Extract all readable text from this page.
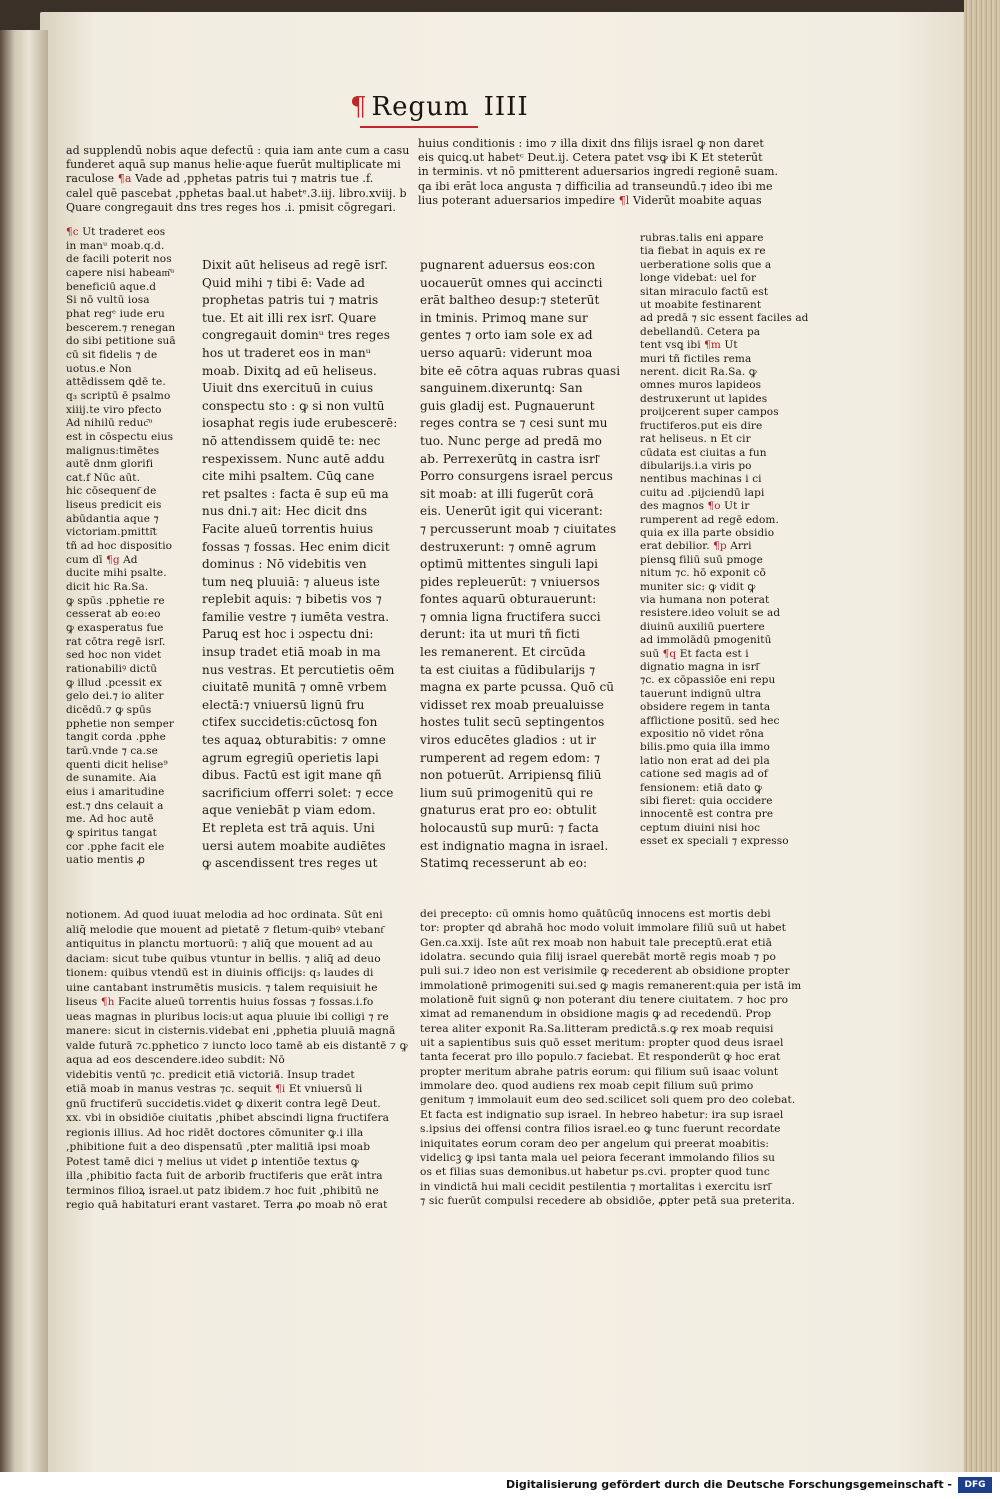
¶ Regum IIII
ad supplendū nobis aque defectū : quia iam ante cum a casu
funderet aquā sup manus helie·aque fuerūt multiplicate mi
raculose ¶a Vade ad ,pphetas patris tui ⁊ matris tue .f.
calel quē pascebat ,pphetas baal.ut habetᵉ.3.iij. libro.xviij. b
Quare congregauit dns tres reges hos .i. pmisit cōgregari.
huius conditionis : imo ⁊ illa dixit dns filijs israel ꝙ non daret
eis quicꝗ.ut habetᶜ Deut.ij. Cetera patet vsꝙ ibi K Et steterūt
in terminis. vt nō pmitterent aduersarios ingredi regionē suam.
qa ibi erāt loca angusta ⁊ difficilia ad transeundū.⁊ ideo ibi me
lius poterant aduersarios impedire ¶l Viderūt moabite aquas
¶c Ut traderet eos
in manᵘ moab.q.d.
de facili poterit nos
capere nisi habeam͂ᵘ
beneficiū aque.d
Si nō vultū iosa
phat regᵉ iude eru
bescerem.⁊ renegan
do sibi petitione suā
cū sit fidelis ⁊ de
uotus.e Non
attēdissem ꝗdē te.
q₃ scriptū ē psalmo
xiiij.te viro pfecto
Ad nihilū reduc͂ᵘ
est in cōspectu eius
malignus:timētes
autē dnm glorifi
cat.f Nūc aūt.
hic cōsequent͂ de
liseus predicit eis
abūdantia aque ⁊
victoriam.pmitti͂t
tñ ad hoc dispositio
cum dī ¶g Ad
ducite mihi psalte.
dicit hic Ra.Sa.
ꝙ spūs .pphetie re
cesserat ab eo:eo
ꝙ exasperatus fue
rat cōtra regē isrl͂.
sed hoc non videt
rationabiliꝰ dictū
ꝙ illud .pcessit ex
gelo dei.⁊ io aliter
dicēdū.⁊ ꝙ spūs
pphetie non semper
tangit corda .pphe
tarū.vnde ⁊ ca.se
quenti dicit helise⁹
de sunamite. Aia
eius i amaritudine
est.⁊ dns celauit a
me. Ad hoc autē
ꝙ spiritus tangat
cor .pphe facit ele
uatio mentis ꝓ
Dixit aūt heliseus ad regē isrl͂.
Quid mihi ⁊ tibi ē: Vade ad
prophetas patris tui ⁊ matris
tue. Et ait illi rex isrl͂. Quare
congregauit dominᵘ tres reges
hos ut traderet eos in manᵘ
moab. Dixitꝗ ad eū heliseus.
Uiuit dns exercituū in cuius
conspectu sto : ꝙ si non vultū
iosaphat regis iude erubescerē:
nō attendissem quidē te: nec
respexissem. Nunc autē addu
cite mihi psaltem. Cūꝗ cane
ret psaltes : facta ē sup eū ma
nus dni.⁊ ait: Hec dicit dns
Facite alueū torrentis huius
fossas ⁊ fossas. Hec enim dicit
dominus : Nō videbitis ven
tum neꝗ pluuiā: ⁊ alueus iste
replebit aquis: ⁊ bibetis vos ⁊
familie vestre ⁊ iumēta vestra.
Paruꝗ est hoc i ɔspectu dni:
insup tradet etiā moab in ma
nus vestras. Et percutietis oēm
ciuitatē munitā ⁊ omnē vrbem
electā:⁊ vniuersū lignū fru
ctifex succidetis:cūctosꝗ fon
tes aquaꝝ obturabitis: ⁊ omne
agrum egregiū operietis lapi
dibus. Factū est igit mane qñ
sacrificium offerri solet: ⁊ ecce
aque veniebāt p viam edom.
Et repleta est trā aquis. Uni
uersi autem moabite audiētes
ꝙ ascendissent tres reges ut
pugnarent aduersus eos:con
uocauerūt omnes qui accincti
erāt baltheo desup:⁊ steterūt
in tminis. Primoꝗ mane sur
gentes ⁊ orto iam sole ex ad
uerso aquarū: viderunt moa
bite eē cōtra aquas rubras quasi
sanguinem.dixeruntꝗ: San
guis gladij est. Pugnauerunt
reges contra se ⁊ cesi sunt mu
tuo. Nunc perge ad predā mo
ab. Perrexerūtꝗ in castra isrl͂
Porro consurgens israel percus
sit moab: at illi fugerūt corā
eis. Uenerūt igit qui vicerant:
⁊ percusserunt moab ⁊ ciuitates
destruxerunt: ⁊ omnē agrum
optimū mittentes singuli lapi
pides repleuerūt: ⁊ vniuersos
fontes aquarū obturauerunt:
⁊ omnia ligna fructifera succi
derunt: ita ut muri tñ ficti
les remanerent. Et circūda
ta est ciuitas a fūdibularijs ⁊
magna ex parte pcussa. Quō cū
vidisset rex moab preualuisse
hostes tulit secū septingentos
viros educētes gladios : ut ir
rumperent ad regem edom: ⁊
non potuerūt. Arripiensꝗ filiū
lium suū primogenitū qui re
gnaturus erat pro eo: obtulit
holocaustū sup murū: ⁊ facta
est indignatio magna in israel.
Statimꝗ recesserunt ab eo:
rubras.talis eni appare
tia fiebat in aquis ex re
uerberatione solis que a
longe videbat: uel for
sitan miraculo factū est
ut moabite festinarent
ad predā ⁊ sic essent faciles ad
debellandū. Cetera pa
tent vsꝗ ibi ¶m Ut
muri tñ fictiles rema
nerent. dicit Ra.Sa. ꝙ
omnes muros lapideos
destruxerunt ut lapides
proijcerent super campos
fructiferos.put eis dire
rat heliseus. n Et cir
cūdata est ciuitas a fun
dibularijs.i.a viris po
nentibus machinas i ci
cuitu ad .pijciendū lapi
des magnos ¶o Ut ir
rumperent ad regē edom.
quia ex illa parte obsidio
erat debilior. ¶p Arri
piensꝗ filiū suū pmoge
nitum ⁊c. hō exponit cō
muniter sic: ꝙ vidit ꝙ
via humana non poterat
resistere.ideo voluit se ad
diuinū auxiliū puertere
ad immolādū pmogenitū
suū ¶q Et facta est i
dignatio magna in isrl͂
⁊c. ex cōpassiōe eni repu
tauerunt indignū ultra
obsidere regem in tanta
afflictione positū. sed hec
expositio nō videt rōna
bilis.pmo quia illa immo
latio non erat ad dei pla
catione sed magis ad of
fensionem: etiā dato ꝙ
sibi fieret: quia occidere
innocentē est contra pre
ceptum diuini nisi hoc
esset ex speciali ⁊ expresso
notionem. Ad quod iuuat melodia ad hoc ordinata. Sūt eni
aliq̄ melodie que mouent ad pietatē ⁊ fletum-quibꝰ vtebant͂
antiquitus in planctu mortuorū: ⁊ aliq̄ que mouent ad au
daciam: sicut tube quibus vtuntur in bellis. ⁊ aliq̄ ad deuo
tionem: quibus vtendū est in diuinis officijs: q₃ laudes di
uine cantabant instrumētis musicis. ⁊ talem requisiuit he
liseus ¶h Facite alueū torrentis huius fossas ⁊ fossas.i.fo
ueas magnas in pluribus locis:ut aqua pluuie ibi colligi ⁊ re
manere: sicut in cisternis.videbat eni ,pphetia pluuiā magnā
valde futurā ⁊c.pphetico ⁊ iuncto loco tamē ab eis distantē ⁊ ꝙ
aqua ad eos descendere.ideo subdit: Nō
videbitis ventū ⁊c. predicit etiā victoriā. Insup tradet
etiā moab in manus vestras ⁊c. sequit ¶i Et vniuersū li
gnū fructiferū succidetis.videt ꝙ dixerit contra legē Deut.
xx. vbi in obsidiōe ciuitatis ,phibet abscindi ligna fructifera
regionis illius. Ad hoc ridēt doctores cōmuniter ꝙ.i illa
,phibitione fuit a deo dispensatū ,pter malitiā ipsi moab
Potest tamē dici ⁊ melius ut videt ꝑ intentiōe textus ꝙ
illa ,phibitio facta fuit de arborib fructiferis que erāt intra
terminos filioꝝ israel.ut patz ibidem.⁊ hoc fuit ,phibitū ne
regio quā habitaturi erant vastaret. Terra ꝓo moab nō erat
dei precepto: cū omnis homo quātūcūꝗ innocens est mortis debi
tor: propter qd abrahā hoc modo voluit immolare filiū suū ut habet
Gen.ca.xxij. Iste aūt rex moab non habuit tale preceptū.erat etiā
idolatra. secundo quia filij israel querebāt mortē regis moab ⁊ po
puli sui.⁊ ideo non est verisimile ꝙ recederent ab obsidione propter
immolationē primogeniti sui.sed ꝙ magis remanerent:quia per istā im
molationē fuit signū ꝙ non poterant diu tenere ciuitatem. ⁊ hoc pro
ximat ad remanendum in obsidione magis ꝙ ad recedendū. Prop
terea aliter exponit Ra.Sa.litteram predictā.s.ꝙ rex moab requisi
uit a sapientibus suis quō esset meritum: propter quod deus israel
tanta fecerat pro illo populo.⁊ faciebat. Et responderūt ꝙ hoc erat
propter meritum abrahe patris eorum: qui filium suū isaac volunt
immolare deo. quod audiens rex moab cepit filium suū primo
genitum ⁊ immolauit eum deo sed.scilicet soli quem pro deo colebat.
Et facta est indignatio sup israel. In hebreo habetur: ira sup israel
s.ipsius dei offensi contra filios israel.eo ꝙ tunc fuerunt recordate
iniquitates eorum coram deo per angelum qui preerat moabitis:
videlicꝫ ꝙ ipsi tanta mala uel peiora fecerant immolando filios su
os et filias suas demonibus.ut habetur ps.cvi. propter quod tunc
in vindictā hui mali cecidit pestilentia ⁊ mortalitas i exercitu isrl͂
⁊ sic fuerūt compulsi recedere ab obsidiōe, ꝓpter petā sua preterita.
Digitalisierung gefördert durch die Deutsche Forschungsgemeinschaft -	DFG
